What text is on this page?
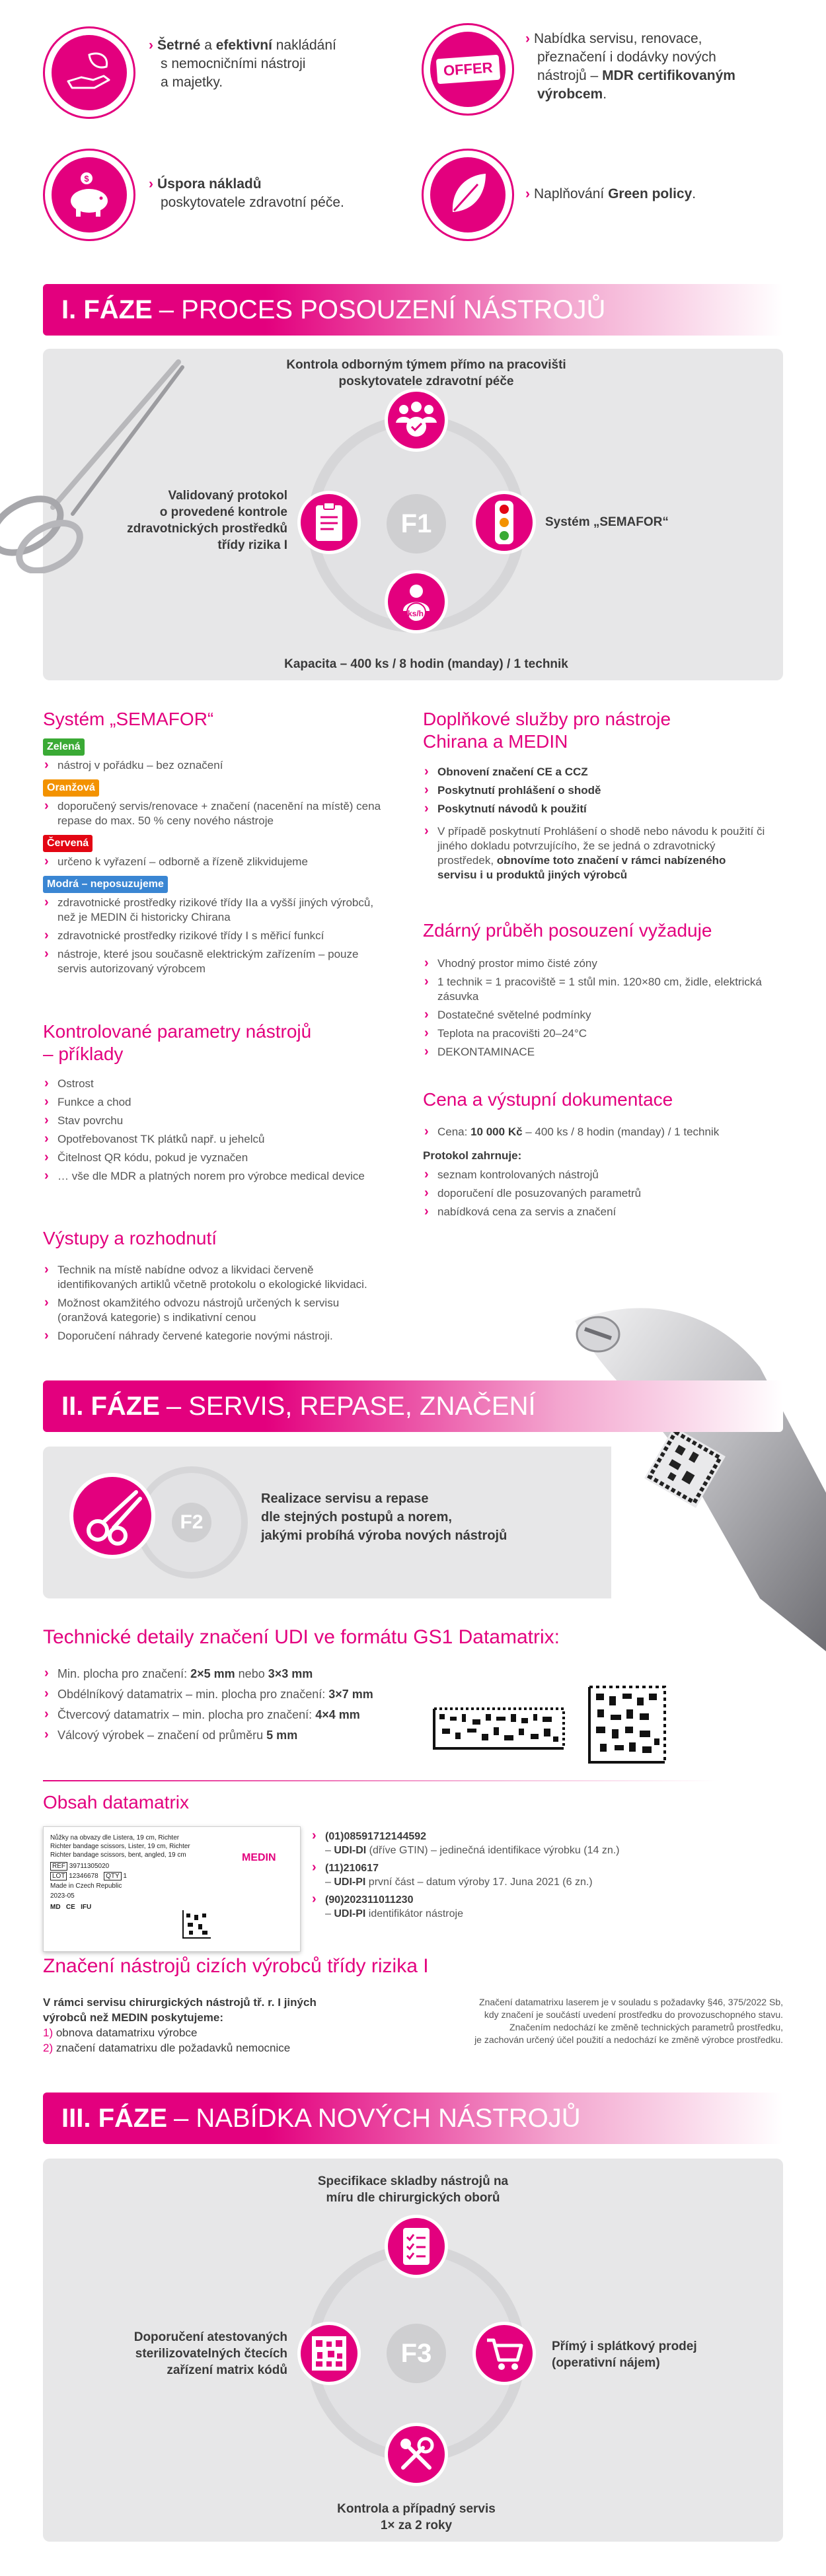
› Šetrné a efektivní nakládání
s nemocničními nástroji
a majetky.
OFFER
› Nabídka servisu, renovace,
přeznačení i dodávky nových
nástrojů – MDR certifikovaným
výrobcem.
$	› Úspora nákladů
poskytovatele zdravotní péče.
› Naplňování Green policy.
I. FÁZE – PROCES POSOUZENÍ NÁSTROJŮ
Kontrola odborným týmem přímo na pracovišti
poskytovatele zdravotní péče
F1
ks/h
Validovaný protokol
o provedené kontrole
zdravotnických prostředků
třídy rizika I
Systém „SEMAFOR“
Kapacita – 400 ks / 8 hodin (manday) / 1 technik
Systém „SEMAFOR“
Zelená
› nástroj v pořádku – bez označení
Oranžová
› doporučený servis/renovace + značení (nacenění na místě) cena repase do max. 50 % ceny nového nástroje
Červená
› určeno k vyřazení – odborně a řízeně zlikvidujeme
Modrá – neposuzujeme
› zdravotnické prostředky rizikové třídy IIa a vyšší jiných výrobců, než je MEDIN či historicky Chirana
› zdravotnické prostředky rizikové třídy I s měřicí funkcí
› nástroje, které jsou současně elektrickým zařízením – pouze servis autorizovaný výrobcem
Kontrolované parametry nástrojů
– příklady
› Ostrost
› Funkce a chod
› Stav povrchu
› Opotřebovanost TK plátků např. u jehelců
› Čitelnost QR kódu, pokud je vyznačen
› … vše dle MDR a platných norem pro výrobce medical device
Výstupy a rozhodnutí
› Technik na místě nabídne odvoz a likvidaci červeně identifikovaných artiklů včetně protokolu o ekologické likvidaci.
› Možnost okamžitého odvozu nástrojů určených k servisu (oranžová kategorie) s indikativní cenou
› Doporučení náhrady červené kategorie novými nástroji.
Doplňkové služby pro nástroje
Chirana a MEDIN
› Obnovení značení CE a CCZ
› Poskytnutí prohlášení o shodě
› Poskytnutí návodů k použití
› V případě poskytnutí Prohlášení o shodě nebo návodu k použití či jiného dokladu potvrzujícího, že se jedná o zdravotnický prostředek, obnovíme toto značení v rámci nabízeného servisu i u produktů jiných výrobců
Zdárný průběh posouzení vyžaduje
› Vhodný prostor mimo čisté zóny
› 1 technik = 1 pracoviště = 1 stůl min. 120×80 cm, židle, elektrická zásuvka
› Dostatečné světelné podmínky
› Teplota na pracovišti 20–24°C
› DEKONTAMINACE
Cena a výstupní dokumentace
› Cena: 10 000 Kč – 400 ks / 8 hodin (manday) / 1 technik
Protokol zahrnuje:
› seznam kontrolovaných nástrojů
› doporučení dle posuzovaných parametrů
› nabídková cena za servis a značení
II. FÁZE – SERVIS, REPASE, ZNAČENÍ
F2
Realizace servisu a repase
dle stejných postupů a norem,
jakými probíhá výroba nových nástrojů
Technické detaily značení UDI ve formátu GS1 Datamatrix:
› Min. plocha pro značení: 2×5 mm nebo 3×3 mm
› Obdélníkový datamatrix – min. plocha pro značení: 3×7 mm
› Čtvercový datamatrix – min. plocha pro značení: 4×4 mm
› Válcový výrobek – značení od průměru 5 mm
Obsah datamatrix
Nůžky na obvazy dle Listera, 19 cm, Richter
Richter bandage scissors, Lister, 19 cm, Richter
Richter bandage scissors, bent, angled, 19 cm
REF 39711305020
LOT 12346678 QTY 1
Made in Czech Republic
2023-05
MD CE IFU
MEDIN
› (01)08591712144592
– UDI-DI (dříve GTIN) – jedinečná identifikace výrobku (14 zn.)
› (11)210617
– UDI-PI první část – datum výroby 17. Juna 2021 (6 zn.)
› (90)202311011230
– UDI-PI identifikátor nástroje
Značení nástrojů cizích výrobců třídy rizika I
V rámci servisu chirurgických nástrojů tř. r. I jiných
výrobců než MEDIN poskytujeme:
1) obnova datamatrixu výrobce
2) značení datamatrixu dle požadavků nemocnice
Značení datamatrixu laserem je v souladu s požadavky §46, 375/2022 Sb,
kdy značení je součástí uvedení prostředku do provozuschopného stavu.
Značením nedochází ke změně technických parametrů prostředku,
je zachován určený účel použití a nedochází ke změně výrobce prostředku.
III. FÁZE – NABÍDKA NOVÝCH NÁSTROJŮ
Specifikace skladby nástrojů na
míru dle chirurgických oborů
F3
Doporučení atestovaných
sterilizovatelných čtecích
zařízení matrix kódů
Přímý i splátkový prodej
(operativní nájem)
Kontrola a případný servis
1× za 2 roky
